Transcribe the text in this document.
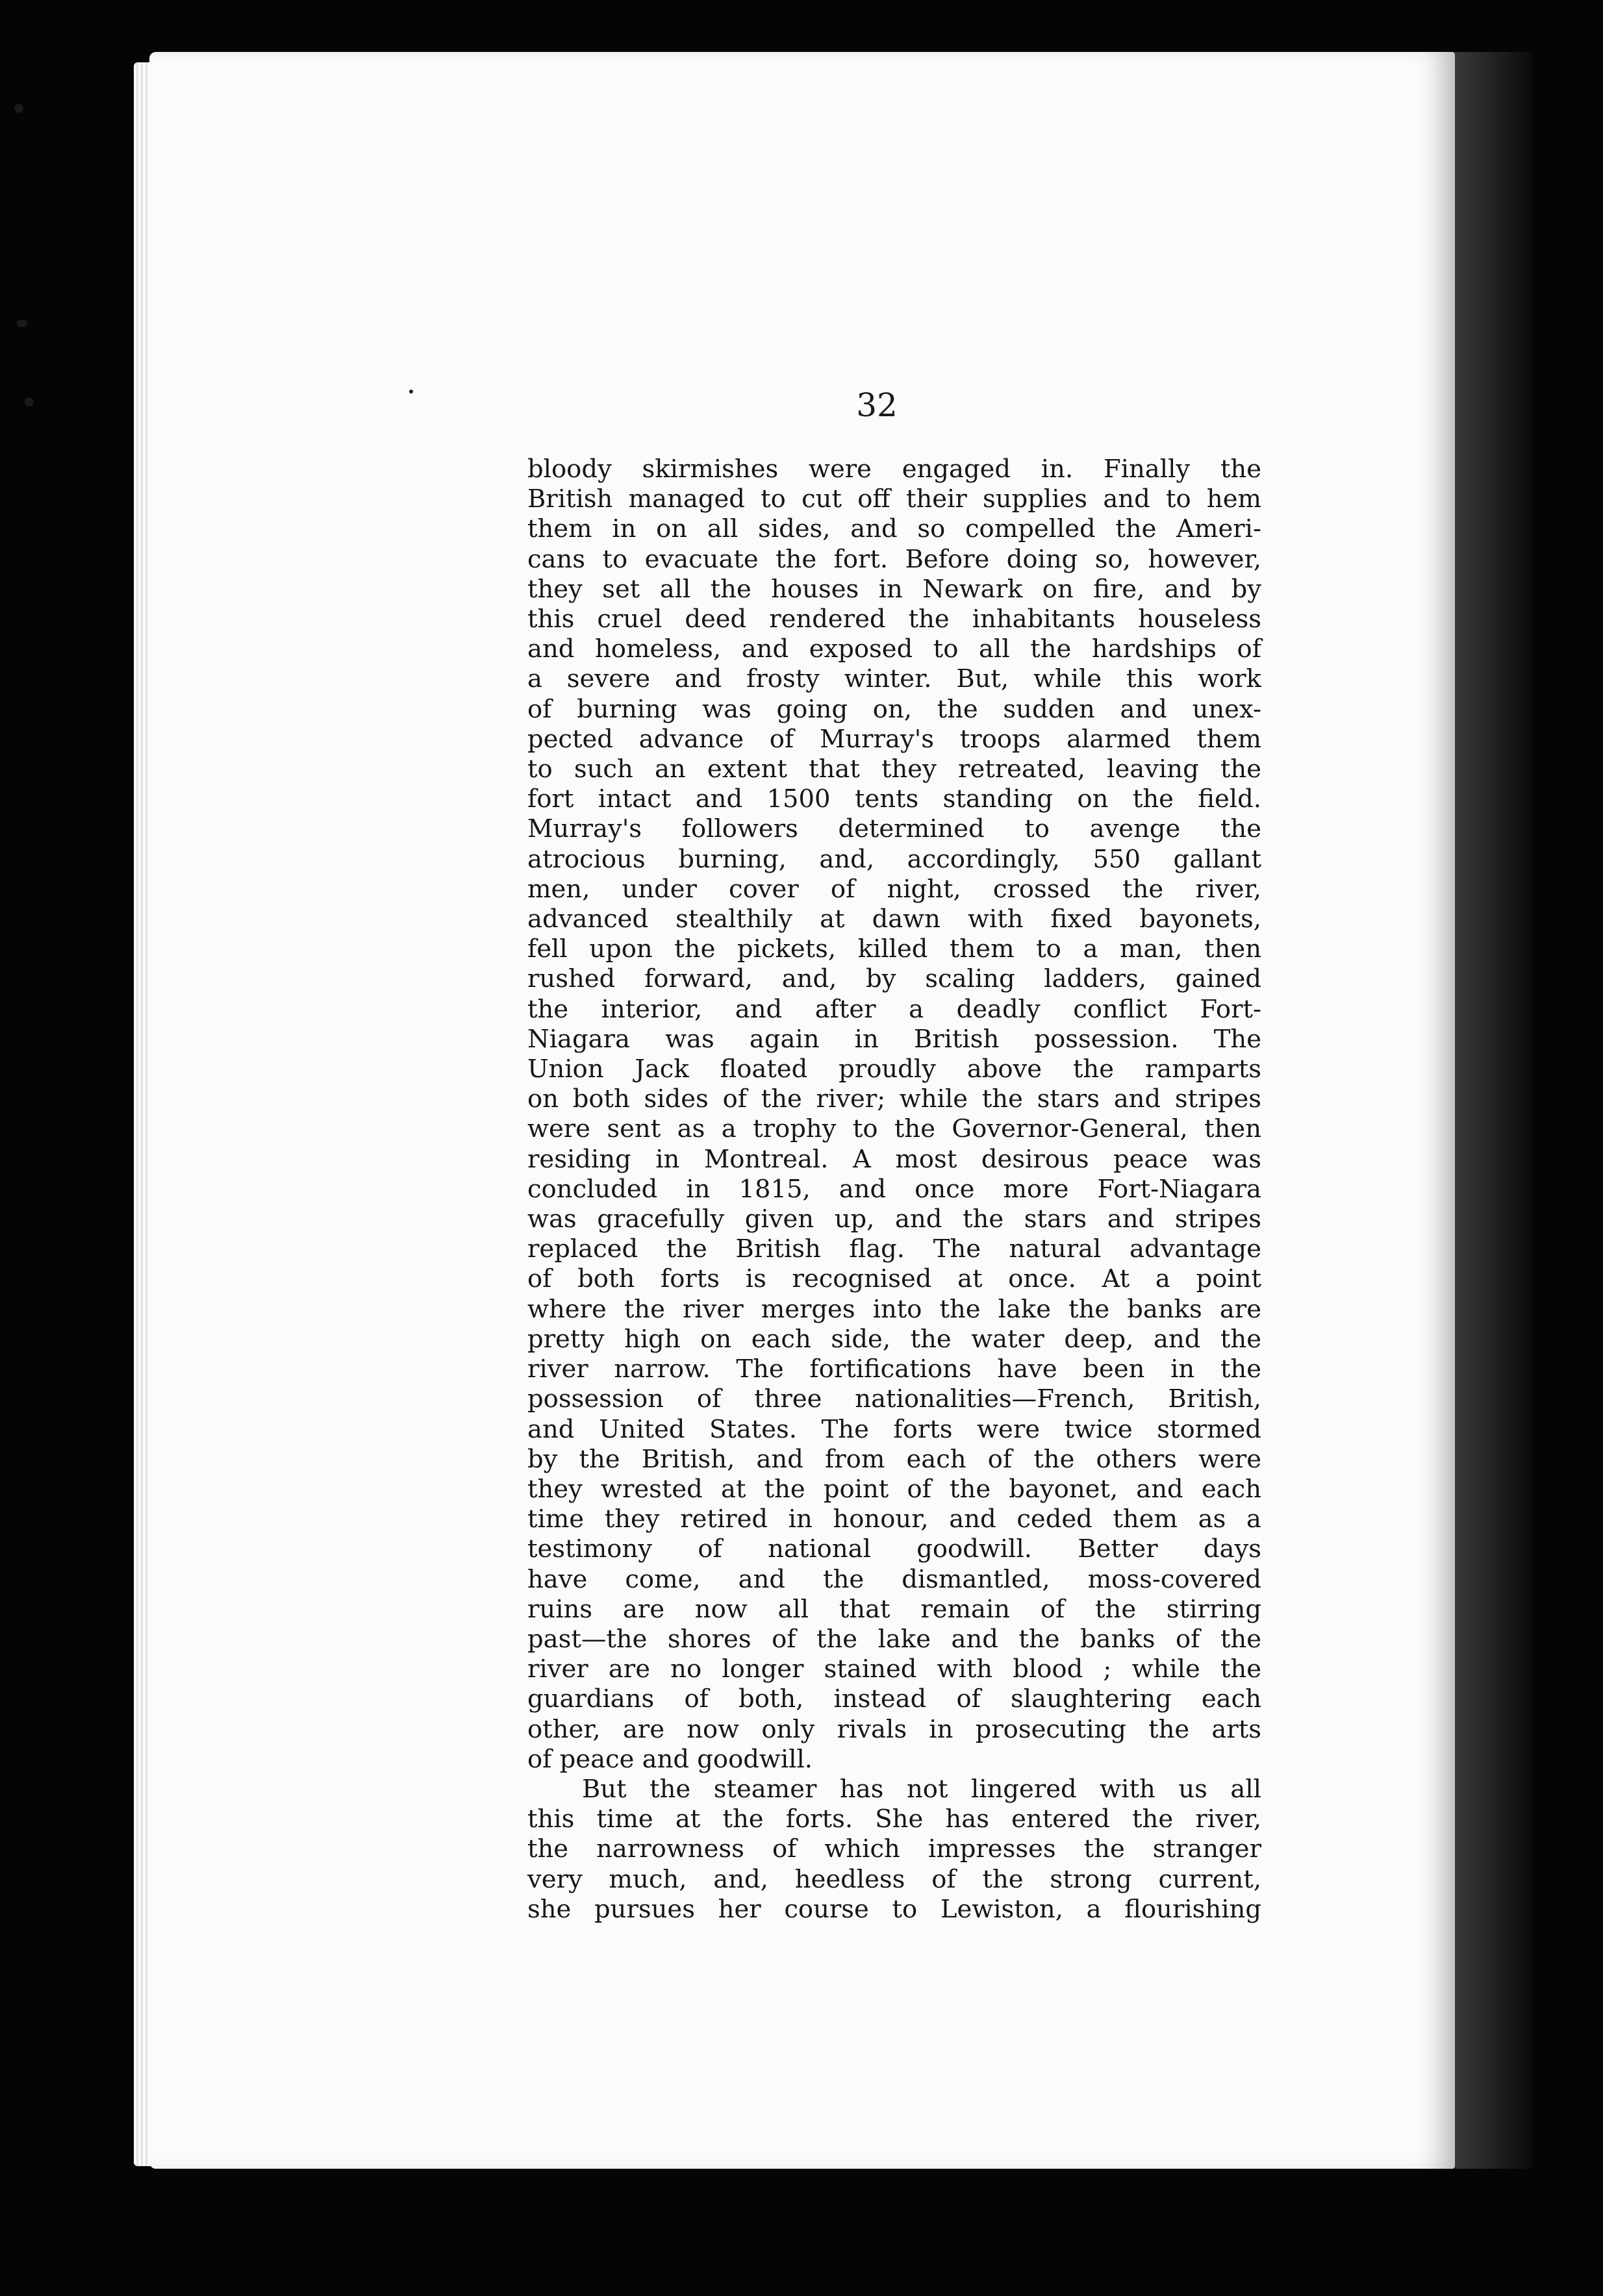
32

bloody skirmishes were engaged in. Finally the
British managed to cut off their supplies and to hem
them in on all sides, and so compelled the Ameri-
cans to evacuate the fort. Before doing so, however,
they set all the houses in Newark on fire, and by
this cruel deed rendered the inhabitants houseless
and homeless, and exposed to all the hardships of
a severe and frosty winter. But, while this work
of burning was going on, the sudden and unex-
pected advance of Murray's troops alarmed them
to such an extent that they retreated, leaving the
fort intact and 1500 tents standing on the field.
Murray's followers determined to avenge the
atrocious burning, and, accordingly, 550 gallant
men, under cover of night, crossed the river,
advanced stealthily at dawn with fixed bayonets,
fell upon the pickets, killed them to a man, then
rushed forward, and, by scaling ladders, gained
the interior, and after a deadly conflict Fort-
Niagara was again in British possession. The
Union Jack floated proudly above the ramparts
on both sides of the river; while the stars and stripes
were sent as a trophy to the Governor-General, then
residing in Montreal. A most desirous peace was
concluded in 1815, and once more Fort-Niagara
was gracefully given up, and the stars and stripes
replaced the British flag. The natural advantage
of both forts is recognised at once. At a point
where the river merges into the lake the banks are
pretty high on each side, the water deep, and the
river narrow. The fortifications have been in the
possession of three nationalities—French, British,
and United States. The forts were twice stormed
by the British, and from each of the others were
they wrested at the point of the bayonet, and each
time they retired in honour, and ceded them as a
testimony of national goodwill. Better days
have come, and the dismantled, moss-covered
ruins are now all that remain of the stirring
past—the shores of the lake and the banks of the
river are no longer stained with blood ; while the
guardians of both, instead of slaughtering each
other, are now only rivals in prosecuting the arts
of peace and goodwill.
But the steamer has not lingered with us all
this time at the forts. She has entered the river,
the narrowness of which impresses the stranger
very much, and, heedless of the strong current,
she pursues her course to Lewiston, a flourishing
